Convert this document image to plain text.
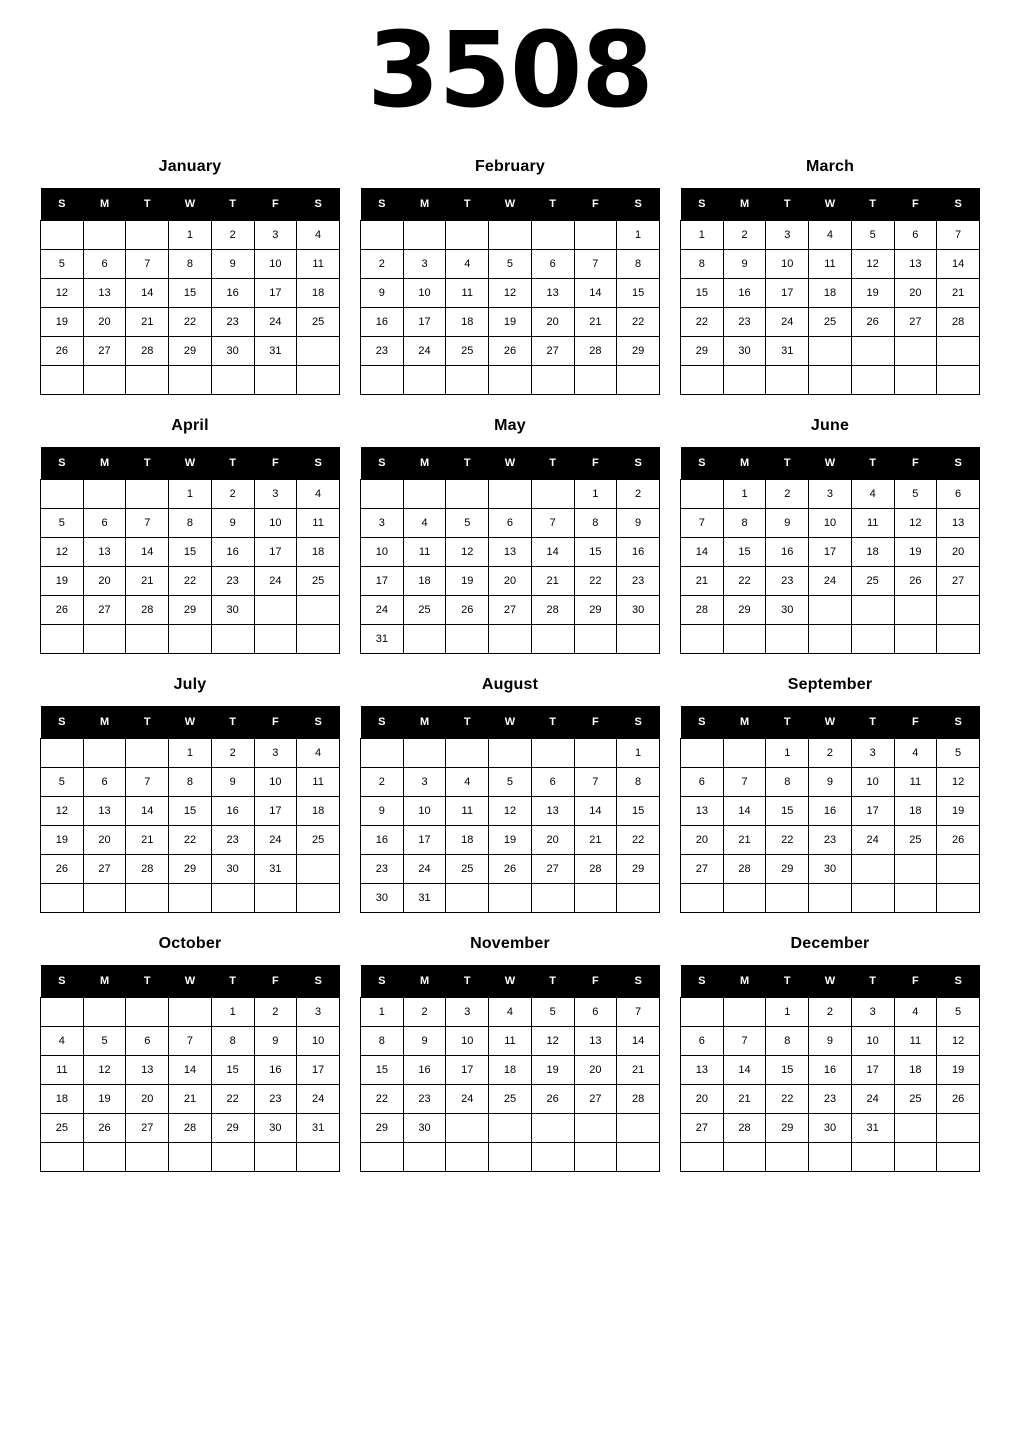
3508
January
S	M	T	W	T	F	S
			1	2	3	4
5	6	7	8	9	10	11
12	13	14	15	16	17	18
19	20	21	22	23	24	25
26	27	28	29	30	31	

February
S	M	T	W	T	F	S
						1
2	3	4	5	6	7	8
9	10	11	12	13	14	15
16	17	18	19	20	21	22
23	24	25	26	27	28	29

March
S	M	T	W	T	F	S
1	2	3	4	5	6	7
8	9	10	11	12	13	14
15	16	17	18	19	20	21
22	23	24	25	26	27	28
29	30	31				

April
S	M	T	W	T	F	S
			1	2	3	4
5	6	7	8	9	10	11
12	13	14	15	16	17	18
19	20	21	22	23	24	25
26	27	28	29	30		

May
S	M	T	W	T	F	S
					1	2
3	4	5	6	7	8	9
10	11	12	13	14	15	16
17	18	19	20	21	22	23
24	25	26	27	28	29	30
31						
June
S	M	T	W	T	F	S
	1	2	3	4	5	6
7	8	9	10	11	12	13
14	15	16	17	18	19	20
21	22	23	24	25	26	27
28	29	30				

July
S	M	T	W	T	F	S
			1	2	3	4
5	6	7	8	9	10	11
12	13	14	15	16	17	18
19	20	21	22	23	24	25
26	27	28	29	30	31	

August
S	M	T	W	T	F	S
						1
2	3	4	5	6	7	8
9	10	11	12	13	14	15
16	17	18	19	20	21	22
23	24	25	26	27	28	29
30	31					
September
S	M	T	W	T	F	S
		1	2	3	4	5
6	7	8	9	10	11	12
13	14	15	16	17	18	19
20	21	22	23	24	25	26
27	28	29	30			

October
S	M	T	W	T	F	S
				1	2	3
4	5	6	7	8	9	10
11	12	13	14	15	16	17
18	19	20	21	22	23	24
25	26	27	28	29	30	31

November
S	M	T	W	T	F	S
1	2	3	4	5	6	7
8	9	10	11	12	13	14
15	16	17	18	19	20	21
22	23	24	25	26	27	28
29	30					

December
S	M	T	W	T	F	S
		1	2	3	4	5
6	7	8	9	10	11	12
13	14	15	16	17	18	19
20	21	22	23	24	25	26
27	28	29	30	31		
